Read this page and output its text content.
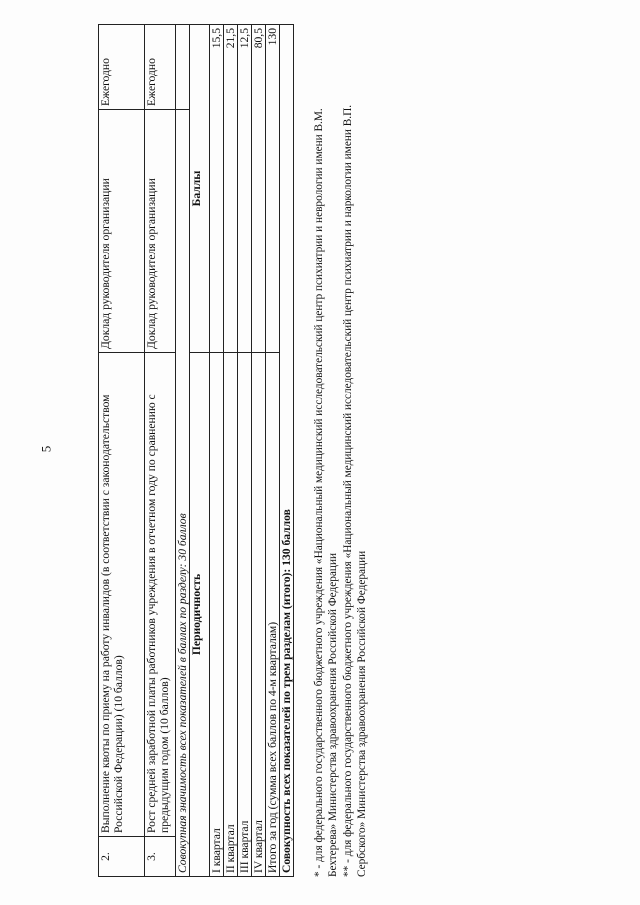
5
2.	Выполнение квоты по приему на работу инвалидов (в соответствии с законодательством Российской Федерации) (10 баллов)	Доклад руководителя организации	Ежегодно
3.	Рост средней заработной платы работников учреждения в отчетном году по сравнению с предыдущим годом (10 баллов)	Доклад руководителя организации	Ежегодно
Совокупная значимость всех показателей в баллах по разделу: 30 баллов			
Периодичность		Баллы	
I квартал		15,5	
II квартал		21,5	
III квартал		12,5	
IV квартал		80,5	
Итого за год (сумма всех баллов по 4-м кварталам)		130	
Совокупность всех показателей по трем разделам (итого): 130 баллов			* - для федерального государственного бюджетного учреждения «Национальный медицинский исследовательский центр психиатрии и неврологии имени В.М. Бехтерева» Министерства здравоохранения Российской Федерации ** - для федерального государственного бюджетного учреждения «Национальный медицинский исследовательский центр психиатрии и наркологии имени В.П. Сербского» Министерства здравоохранения Российской Федерации
